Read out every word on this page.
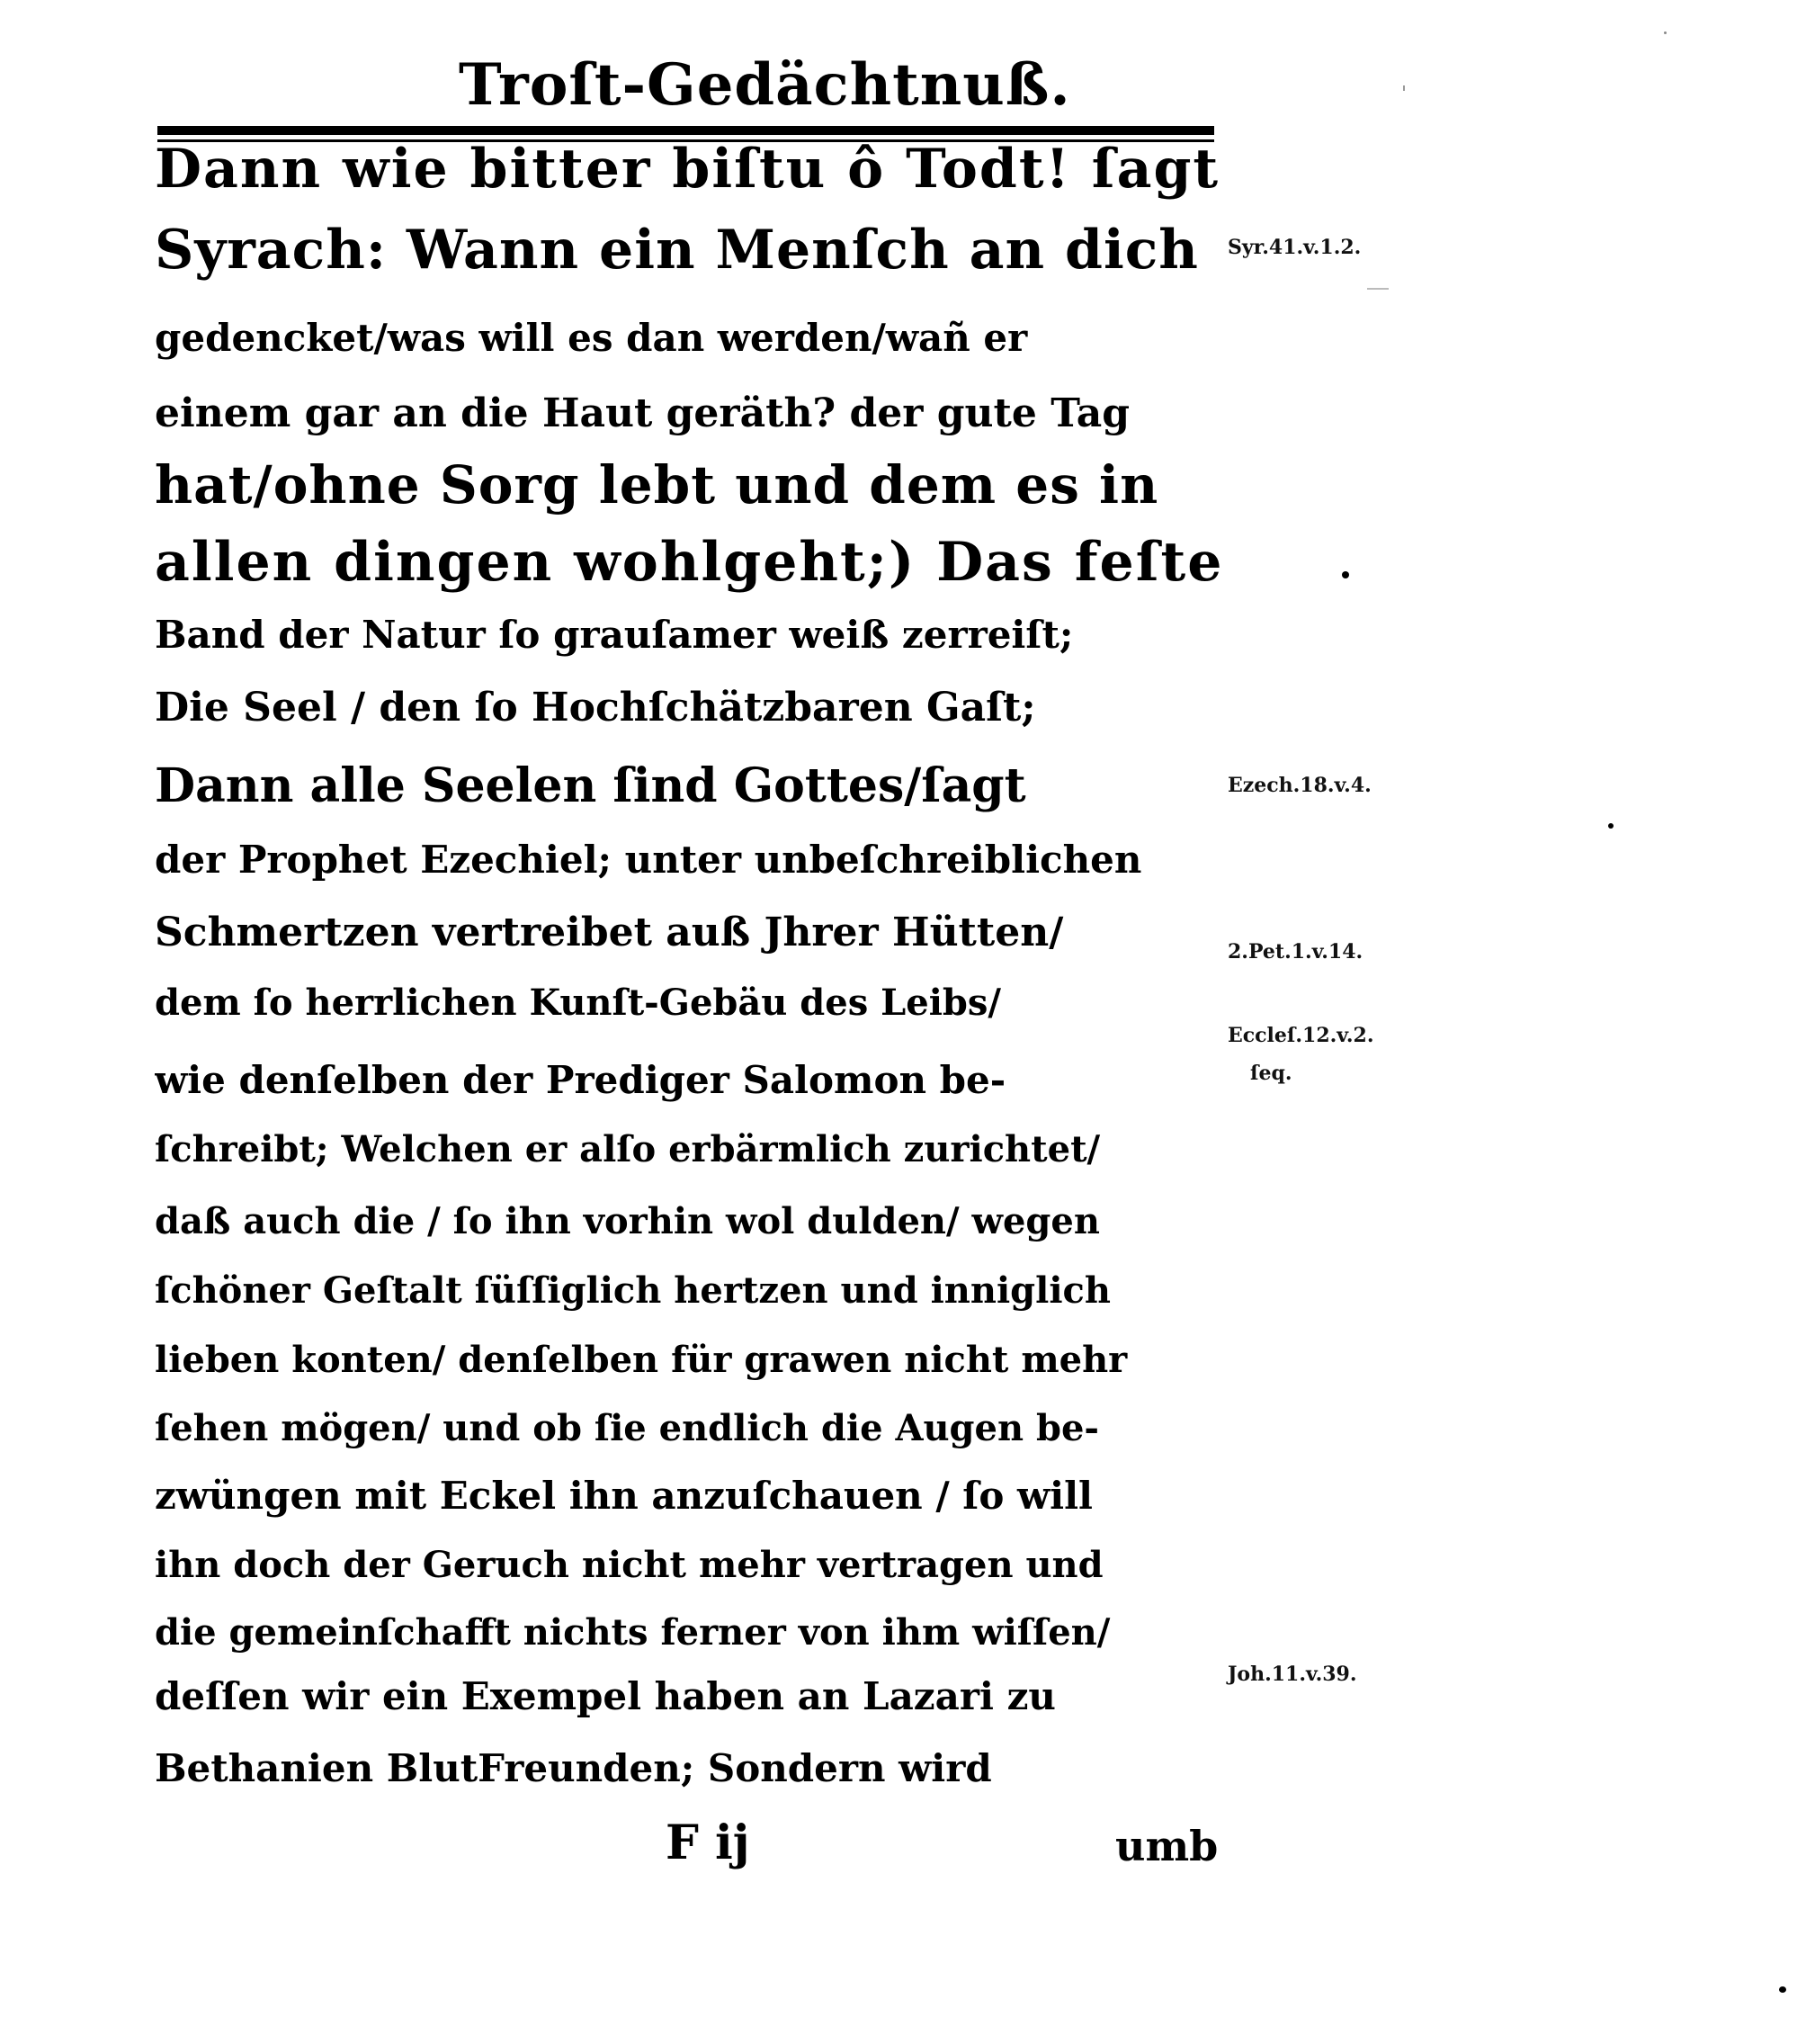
Troſt-Gedächtnuß.
Dann wie bitter biſtu ô Todt! ſagt
Syrach: Wann ein Menſch an dich
gedencket/was will es dan werden/wañ er
einem gar an die Haut geräth? der gute Tag
hat/ohne Sorg lebt und dem es in
allen dingen wohlgeht;) Das feſte
Band der Natur ſo grauſamer weiß zerreiſt;
Die Seel / den ſo Hochſchätzbaren Gaſt;
Dann alle Seelen ſind Gottes/ſagt
der Prophet Ezechiel; unter unbeſchreiblichen
Schmertzen vertreibet auß Jhrer Hütten/
dem ſo herrlichen Kunſt-Gebäu des Leibs/
wie denſelben der Prediger Salomon be-
ſchreibt; Welchen er alſo erbärmlich zurichtet/
daß auch die / ſo ihn vorhin wol dulden/ wegen
ſchöner Geſtalt ſüſſiglich hertzen und inniglich
lieben konten/ denſelben für grawen nicht mehr
ſehen mögen/ und ob ſie endlich die Augen be-
zwüngen mit Eckel ihn anzuſchauen / ſo will
ihn doch der Geruch nicht mehr vertragen und
die gemeinſchafft nichts ferner von ihm wiſſen/
deſſen wir ein Exempel haben an Lazari zu
Bethanien BlutFreunden; Sondern wird
F ij	umb
Syr.41.v.1.2.
Ezech.18.v.4.
2.Pet.1.v.14.
Eccleſ.12.v.2.
ſeq.
Joh.11.v.39.
